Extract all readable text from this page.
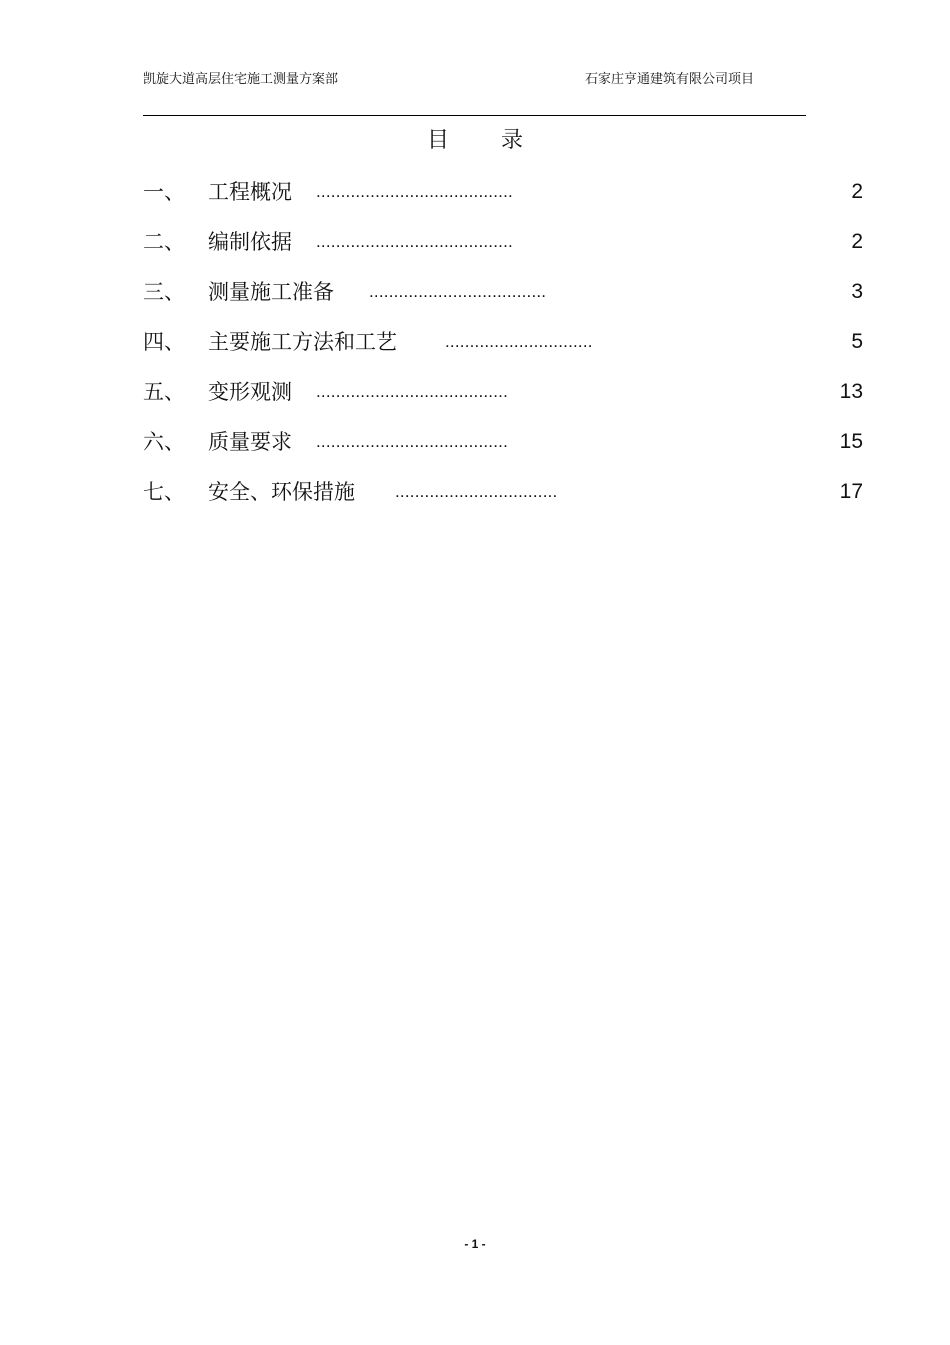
凯旋大道高层住宅施工测量方案部	石家庄亨通建筑有限公司项目
目录
一、 工程概况 ........................................	2
二、 编制依据 ........................................	2
三、 测量施工准备 ....................................	3
四、 主要施工方法和工艺	..............................	5
五、 变形观测 .......................................	13
六、 质量要求 .......................................	15
七、 安全、环保措施 .................................	17
- 1 -
